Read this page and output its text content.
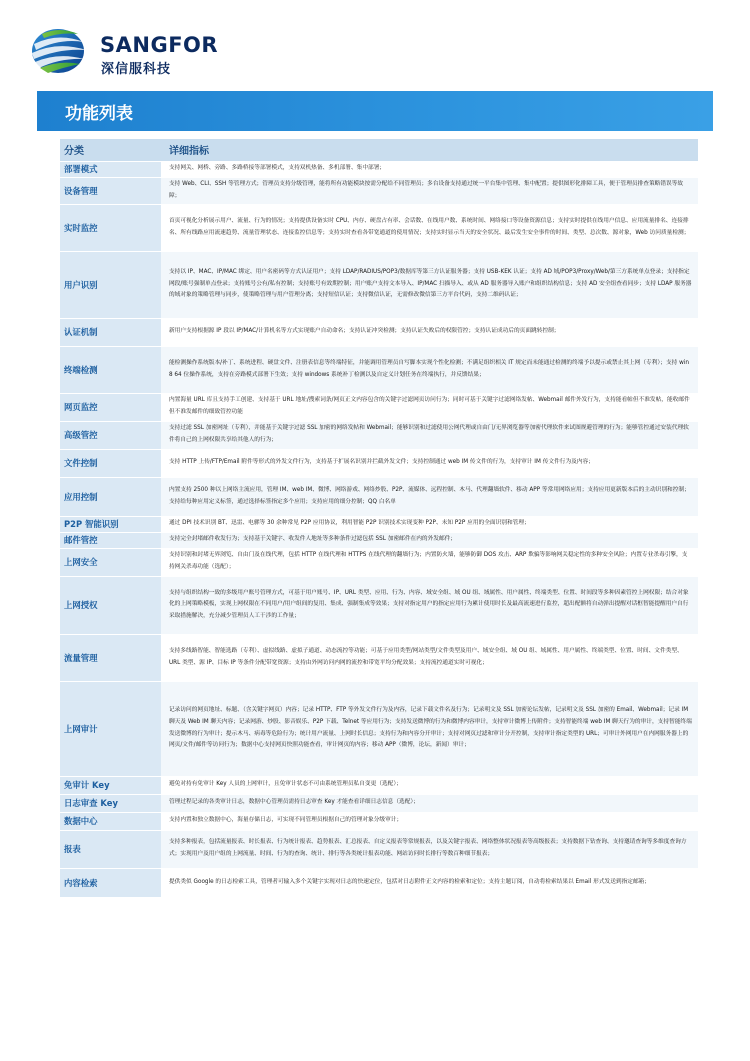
SANGFOR
深信服科技
功能列表
分类	详细指标
部署模式	支持网关、网桥、旁路、多路桥接等部署模式，支持双机热备、多机部署、集中部署；
设备管理	支持 Web、CLI、SSH 等管理方式；管理员支持分级管理，能将所有功能模块按需分配给不同管理员；多台设备支持通过统一平台集中管理、集中配置；提供图形化排障工具，便于管理员排查策略错误等故障；
实时监控	首页可视化分析展示用户、流量、行为的情况；支持提供设备实时 CPU、内存、硬盘占有率、会话数、在线用户数、系统时间、网络接口等设备资源信息；支持实时提供在线用户信息、应用流量排名、连接排名、所有线路应用流速趋势、流量管理状态、连接监控信息等；支持实时查看各带宽通道的使用情况；支持实时显示当天的安全状况、最后发生安全事件的时间、类型、总次数、源对象，Web 访问质量检测；
用户识别	支持以 IP、MAC、IP/MAC 绑定、用户名密码等方式认证用户；支持 LDAP/RADIUS/POP3/数据库等第三方认证服务器；支持 USB-KEK 认证；支持 AD 域/POP3/Proxy/Web/第三方系统单点登录；支持指定网段/账号强制单点登录；支持账号公有/私有控制；支持账号有效期控制；用户账户支持文本导入、IP/MAC 扫描导入、或从 AD 服务器导入账户和组织结构信息；支持 AD 安全组查看同步；支持 LDAP 服务器的域对象的策略管理与同步，使策略管理与用户管理分离；支持短信认证；支持微信认证，无需修改微信第三方平台代码，支持二维码认证；
认证机制	新用户支持根据源 IP 段以 IP/MAC/计算机名等方式实现账户自动命名；支持认证冲突检测；支持认证失败后的权限管控；支持认证成功后的页面跳转控制；
终端检测	能检测操作系统版本/补丁、系统进程、硬盘文件、注册表信息等终端特征，并能调用管理员自写脚本实现个性化检测；不满足组织相关 IT 规定而未能通过检测的终端予以提示或禁止其上网（专利）；支持 win 8 64 位操作系统，支持在旁路模式部署下生效；支持 windows 系统补丁检测以及自定义计划任务在终端执行，并反馈结果；
网页监控	内置海量 URL 库且支持手工创建、支持基于 URL 地址/搜索词条/网页正文内容包含的关键字过滤网页访问行为；同时可基于关键字过滤网络发帖、Webmail 邮件外发行为，支持能看帖但不准发帖，能收邮件但不准发邮件的细致管控功能
高级管控	支持过滤 SSL 加密网址（专利），并能基于关键字过滤 SSL 加密的网络发帖和 Webmail；能够识别和过滤使用公网代理或自由门/无界浏览器等加密代理软件来试图规避管理的行为；能够管控通过安装代理软件将自己的上网权限共享给其他人的行为；
文件控制	支持 HTTP 上传/FTP/Email 附件等形式的外发文件行为，支持基于扩展名识别并拦截外发文件；支持控制通过 web IM 传文件的行为，支持审计 IM 传文件行为及内容；
应用控制	内置支持 2500 种以上网络主流应用，管理 IM、web IM、微博、网络游戏、网络炒股、P2P、流媒体、远程控制、木马、代理翻墙软件、移动 APP 等常用网络应用；支持应用更新版本后的主动识别和控制；支持给每种应用定义标签，通过选择标签指定多个应用；支持应用的细分控制；QQ 白名单
P2P 智能识别	通过 DPI 技术识别 BT、迅雷、电骡等 30 余种常见 P2P 应用协议，利用智能 P2P 识别技术实现变种 P2P、未知 P2P 应用的全面识别和管理；
邮件管控	支持完全封堵邮件收发行为；支持基于关键字、收发件人地址等多种条件过滤包括 SSL 加密邮件在内的外发邮件；
上网安全	支持识别和封堵无界浏览、自由门及在线代理，包括 HTTP 在线代理和 HTTPS 在线代理的翻墙行为；内置防火墙，能够防御 DOS 攻击、ARP 欺骗等影响网关稳定性的多种安全风险；内置专业杀毒引擎，支持网关杀毒功能（选配）；
上网授权	支持与组织结构一致的多级用户账号管理方式，可基于用户账号、IP、URL 类型、应用、行为、内容、域安全组、域 OU 组、域属性、用户属性、终端类型、位置、时间段等多种因素管控上网权限；结合对象化的上网策略模板，实现上网权限在不同用户/用户组间的复用、集成、强制集成等效果；支持对指定用户的指定应用行为累计使用时长及最高流速进行监控，超出配额将自动弹出提醒对话框智能提醒用户自行采取措施解决，充分减少管理员人工干涉的工作量；
流量管理	支持多线路智能、智能选路（专利）、虚拟线路、虚拟子通道、动态流控等功能；可基于应用类型/网站类型/文件类型及用户、域安全组、域 OU 组、域属性、用户属性、终端类型、位置、时间、文件类型、URL 类型、源 IP、目标 IP 等条件分配带宽资源；支持由外网访问内网的流控和带宽平均分配效果；支持流控通道实时可视化；
上网审计	记录访问的网页地址、标题、（含关键字网页）内容；记录 HTTP、FTP 等外发文件行为及内容，记录下载文件名及行为；记录明文及 SSL 加密论坛发帖，记录明文及 SSL 加密的 Email、Webmail；记录 IM 聊天及 Web IM 聊天内容；记录网游、炒股、影音娱乐、P2P 下载、Telnet 等应用行为；支持发送微博的行为和微博内容审计，支持审计微博上传附件；支持智能终端 web IM 聊天行为的审计，支持智能终端发送微博的行为审计；提示木马、病毒等危险行为；统计用户流量、上网时长信息；支持行为和内容分开审计；支持对网页过滤和审计分开控制，支持审计指定类型的 URL；可审计外网用户在内网服务器上的网页/文件/邮件等访问行为；数据中心支持网页快照功能查看，审计网页的内容；移动 APP（微博，论坛，新闻）审计；
免审计 Key	避免对持有免审计 Key 人员的上网审计，且免审计状态不可由系统管理员私自变更（选配）；
日志审查 Key	管理过程记录的各类审计日志，数据中心管理员需持日志审查 Key 才能查看详细日志信息（选配）；
数据中心	支持内置和独立数据中心，海量存储日志，可实现不同管理员根据自己的管理对象分级审计；
报表	支持多种报表，包括流量报表、时长报表、行为统计报表、趋势报表、汇总报表、自定义报表等常规报表，以及关键字报表、网络整体状况报表等高级报表；支持数据下钻查询、支持邀请查询等多维度查询方式；实现用户及用户组的上网流量、时间、行为的查询、统计、排行等各类统计报表功能、网站访问时长排行等数百种细节报表；
内容检索	提供类似 Google 的日志检索工具，管理者可输入多个关键字实现对日志的快速定位，包括对日志附件正文内容的检索和定位；支持主题订阅，自动将检索结果以 Email 形式发送到指定邮箱；
